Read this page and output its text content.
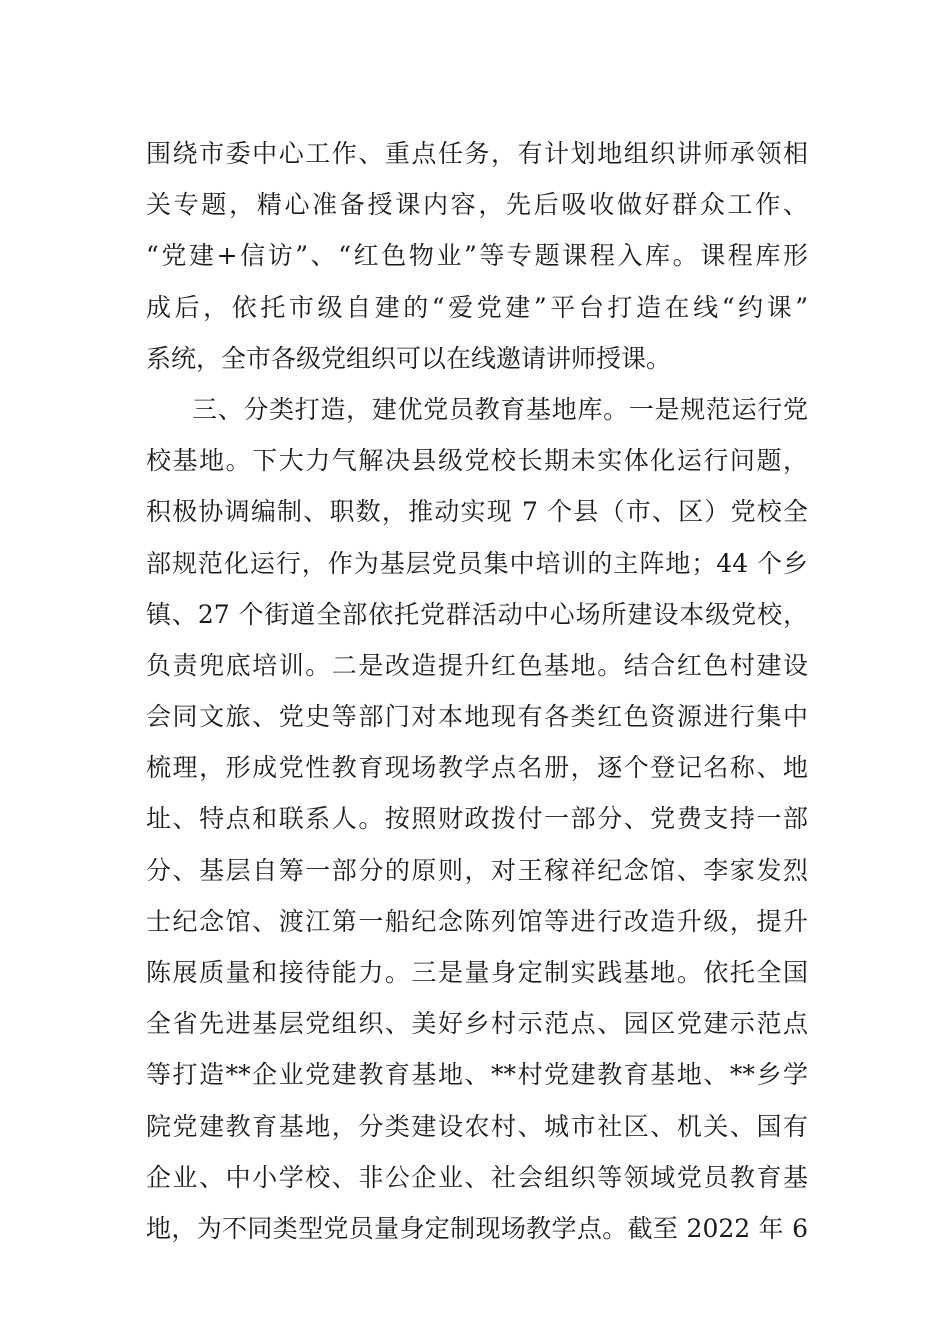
围绕市委中心工作、重点任务，有计划地组织讲师承领相
关专题，精心准备授课内容，先后吸收做好群众工作、
“党建+信访”、“红色物业”等专题课程入库。课程库形
成后，依托市级自建的“爱党建”平台打造在线“约课”
系统，全市各级党组织可以在线邀请讲师授课。
三、分类打造，建优党员教育基地库。一是规范运行党
校基地。下大力气解决县级党校长期未实体化运行问题，
积极协调编制、职数，推动实现 7 个县（市、区）党校全
部规范化运行，作为基层党员集中培训的主阵地；44 个乡
镇、27 个街道全部依托党群活动中心场所建设本级党校，
负责兜底培训。二是改造提升红色基地。结合红色村建设
会同文旅、党史等部门对本地现有各类红色资源进行集中
梳理，形成党性教育现场教学点名册，逐个登记名称、地
址、特点和联系人。按照财政拨付一部分、党费支持一部
分、基层自筹一部分的原则，对王稼祥纪念馆、李家发烈
士纪念馆、渡江第一船纪念陈列馆等进行改造升级，提升
陈展质量和接待能力。三是量身定制实践基地。依托全国
全省先进基层党组织、美好乡村示范点、园区党建示范点
等打造**企业党建教育基地、**村党建教育基地、**乡学
院党建教育基地，分类建设农村、城市社区、机关、国有
企业、中小学校、非公企业、社会组织等领域党员教育基
地，为不同类型党员量身定制现场教学点。截至 2022 年 6
